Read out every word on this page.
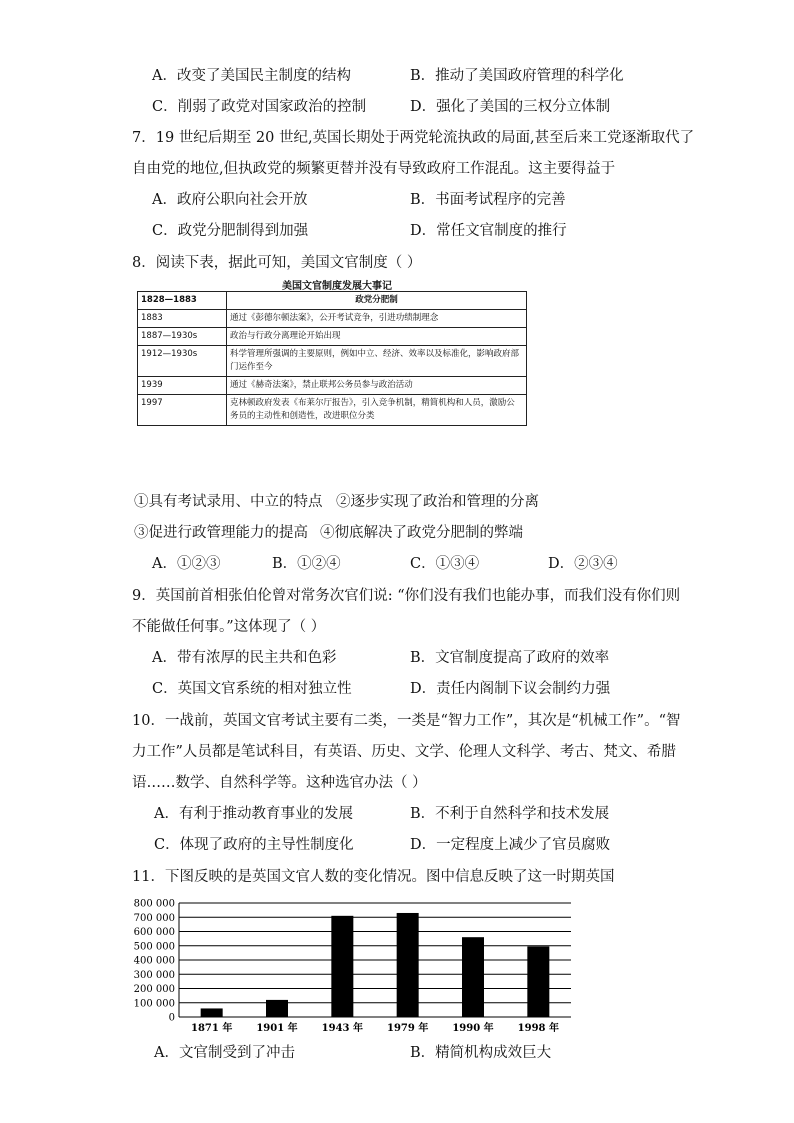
A．改变了美国民主制度的结构	B．推动了美国政府管理的科学化
C．削弱了政党对国家政治的控制	D．强化了美国的三权分立体制
7．19 世纪后期至 20 世纪,英国长期处于两党轮流执政的局面,甚至后来工党逐渐取代了
自由党的地位,但执政党的频繁更替并没有导致政府工作混乱。这主要得益于
A．政府公职向社会开放	B．书面考试程序的完善
C．政党分肥制得到加强	D．常任文官制度的推行
8．阅读下表，据此可知，美国文官制度（ ）
美国文官制度发展大事记
1828—1883	政党分肥制
1883	通过《彭德尔顿法案》，公开考试竞争，引进功绩制理念
1887—1930s	政治与行政分离理论开始出现
1912—1930s	科学管理所强调的主要原则，例如中立、经济、效率以及标准化，影响政府部门运作至今
1939	通过《赫奇法案》，禁止联邦公务员参与政治活动
1997	克林顿政府发表《布莱尔厅报告》，引入竞争机制，精简机构和人员，激励公务员的主动性和创造性，改进职位分类
①具有考试录用、中立的特点 ②逐步实现了政治和管理的分离
③促进行政管理能力的提高 ④彻底解决了政党分肥制的弊端
A．①②③	B．①②④	C．①③④	D．②③④
9．英国前首相张伯伦曾对常务次官们说: “你们没有我们也能办事，而我们没有你们则
不能做任何事。”这体现了（ ）
A．带有浓厚的民主共和色彩	B．文官制度提高了政府的效率
C．英国文官系统的相对独立性	D．责任内阁制下议会制约力强
10．一战前，英国文官考试主要有二类，一类是“智力工作”，其次是“机械工作”。“智
力工作”人员都是笔试科目，有英语、历史、文学、伦理人文科学、考古、梵文、希腊
语……数学、自然科学等。这种选官办法（ ）
A．有利于推动教育事业的发展	B．不利于自然科学和技术发展
C．体现了政府的主导性制度化	D．一定程度上减少了官员腐败
11．下图反映的是英国文官人数的变化情况。图中信息反映了这一时期英国
0
100 000
200 000
300 000
400 000
500 000
600 000
700 000
800 000
1871 年 1901 年 1943 年 1979 年 1990 年 1998 年
A．文官制受到了冲击	B．精简机构成效巨大
